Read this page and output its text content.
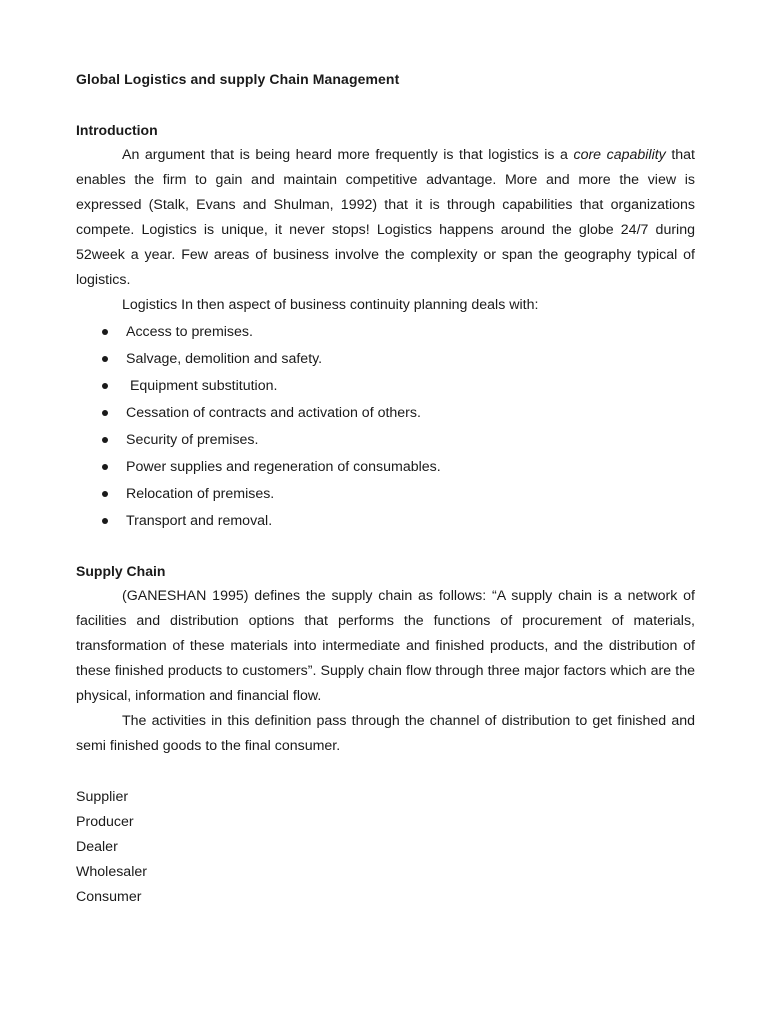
Global Logistics and supply Chain Management
Introduction

An argument that is being heard more frequently is that logistics is a core capability that enables the firm to gain and maintain competitive advantage. More and more the view is expressed (Stalk, Evans and Shulman, 1992) that it is through capabilities that organizations compete. Logistics is unique, it never stops! Logistics happens around the globe 24/7 during 52week a year. Few areas of business involve the complexity or span the geography typical of logistics.

Logistics In then aspect of business continuity planning deals with:

Access to premises.
Salvage, demolition and safety.
Equipment substitution.
Cessation of contracts and activation of others.
Security of premises.
Power supplies and regeneration of consumables.
Relocation of premises.
Transport and removal.
Supply Chain

(GANESHAN 1995) defines the supply chain as follows: “A supply chain is a network of facilities and distribution options that performs the functions of procurement of materials, transformation of these materials into intermediate and finished products, and the distribution of these finished products to customers”. Supply chain flow through three major factors which are the physical, information and financial flow.

The activities in this definition pass through the channel of distribution to get finished and semi finished goods to the final consumer.

Supplier
Producer
Dealer
Wholesaler
Consumer
